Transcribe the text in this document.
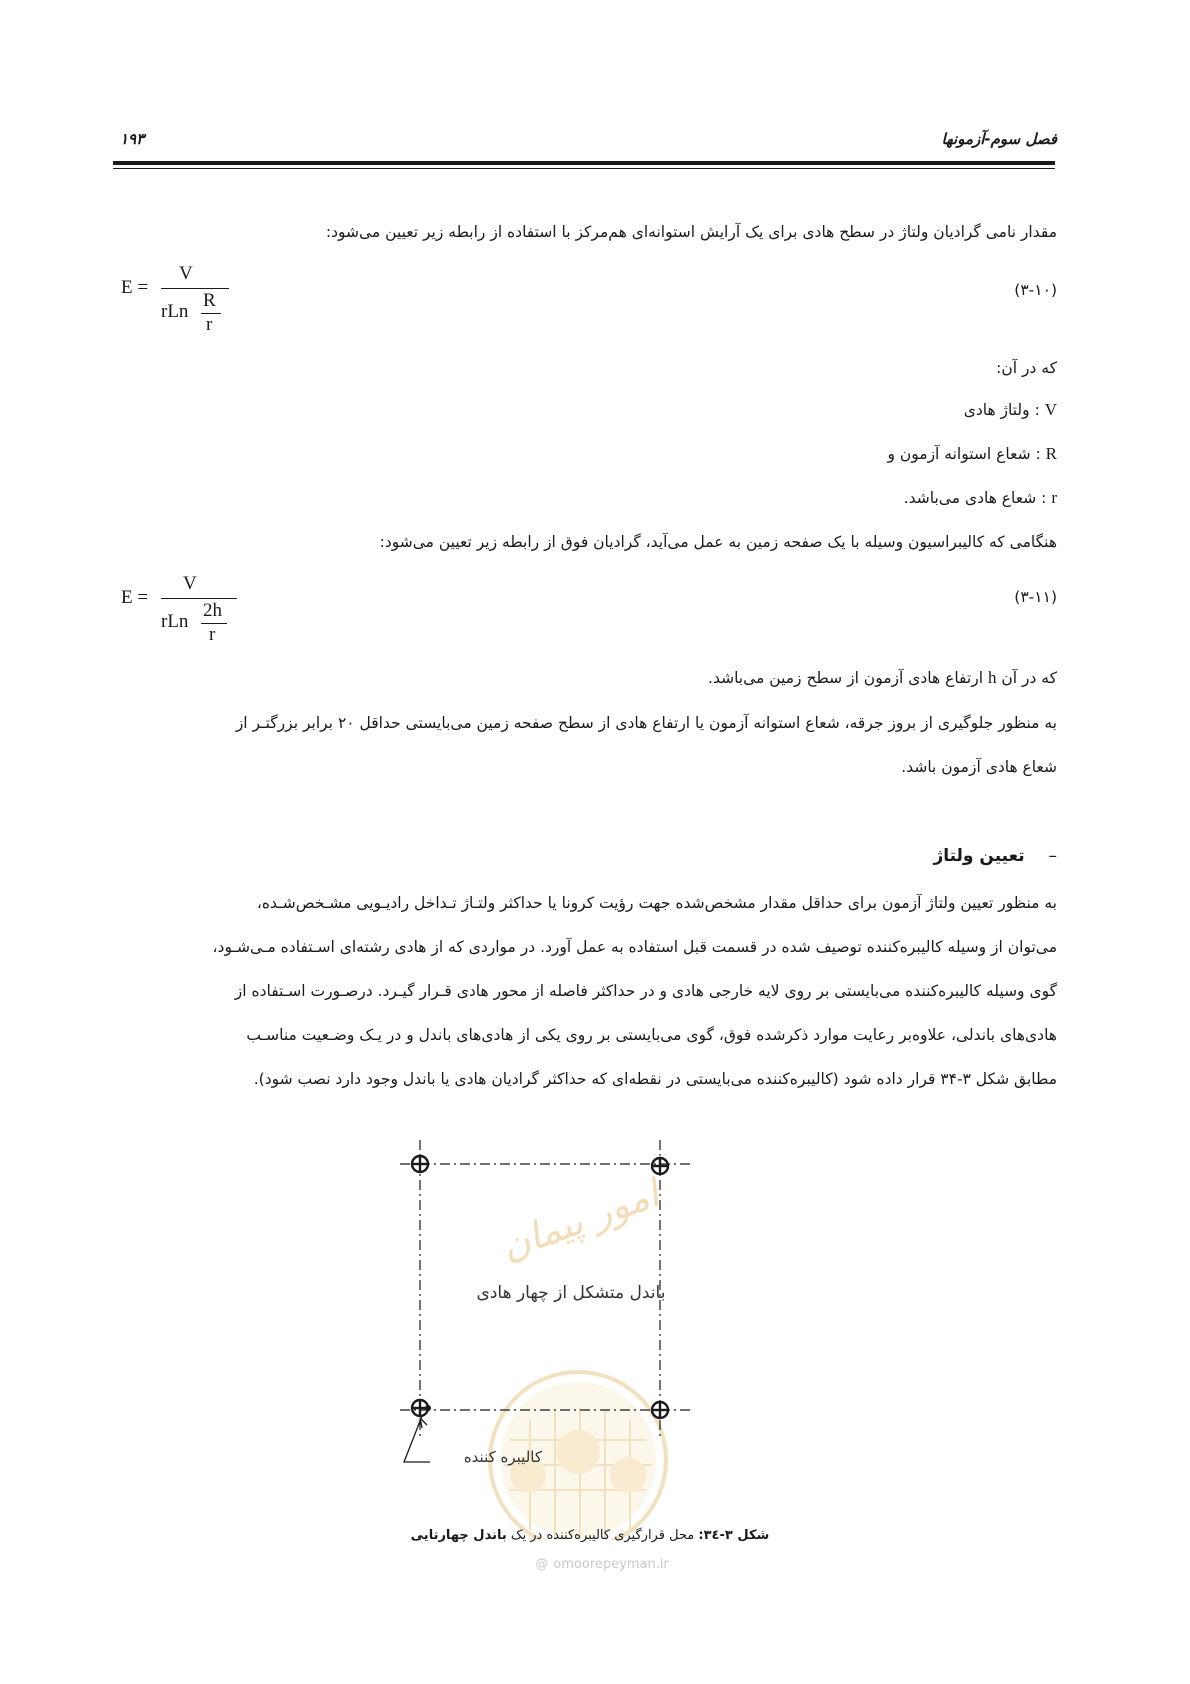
فصل سوم-آزمونها
۱۹۳
مقدار نامی گرادیان ولتاژ در سطح هادی برای یک آرایش استوانه‌ای هم‌مرکز با استفاده از رابطه زیر تعیین می‌شود:
E =
V
rLn
R
r
(۳-۱۰)
که در آن:
ولتاژ هادی : V
شعاع استوانه آزمون و : R
شعاع هادی می‌باشد. : r
هنگامی که کالیبراسیون وسیله با یک صفحه زمین به عمل می‌آید، گرادیان فوق از رابطه زیر تعیین می‌شود:
E =
V
rLn
2h
r
(۳-۱۱)
که در آن h ارتفاع هادی آزمون از سطح زمین می‌باشد.
به منظور جلوگیری از بروز جرقه، شعاع استوانه آزمون یا ارتفاع هادی از سطح صفحه زمین می‌بایستی حداقل ۲۰ برابر بزرگتـر از
شعاع هادی آزمون باشد.
– تعیین ولتاژ
به منظور تعیین ولتاژ آزمون برای حداقل مقدار مشخص‌شده جهت رؤیت کرونا یا حداکثر ولتـاژ تـداخل رادیـویی مشـخص‌شـده،
می‌توان از وسیله کالیبره‌کننده توصیف شده در قسمت قبل استفاده به عمل آورد. در مواردی که از هادی رشته‌ای اسـتفاده مـی‌شـود،
گوی وسیله کالیبره‌کننده می‌بایستی بر روی لایه خارجی هادی و در حداکثر فاصله از محور هادی قـرار گیـرد. درصـورت اسـتفاده از
هادی‌های باندلی، علاوه‌بر رعایت موارد ذکرشده فوق، گوی می‌بایستی بر روی یکی از هادی‌های باندل و در یـک وضـعیت مناسـب
مطابق شکل ۳-۳۴ قرار داده شود (کالیبره‌کننده می‌بایستی در نقطه‌ای که حداکثر گرادیان هادی یا باندل وجود دارد نصب شود).
باندل متشکل از چهار هادی
کالیبره کننده
امور پیمان
شکل ۳-۳٤: محل قرارگیری کالیبره‌کننده در یک باندل چهارتایی
@ omoorepeyman.ir
